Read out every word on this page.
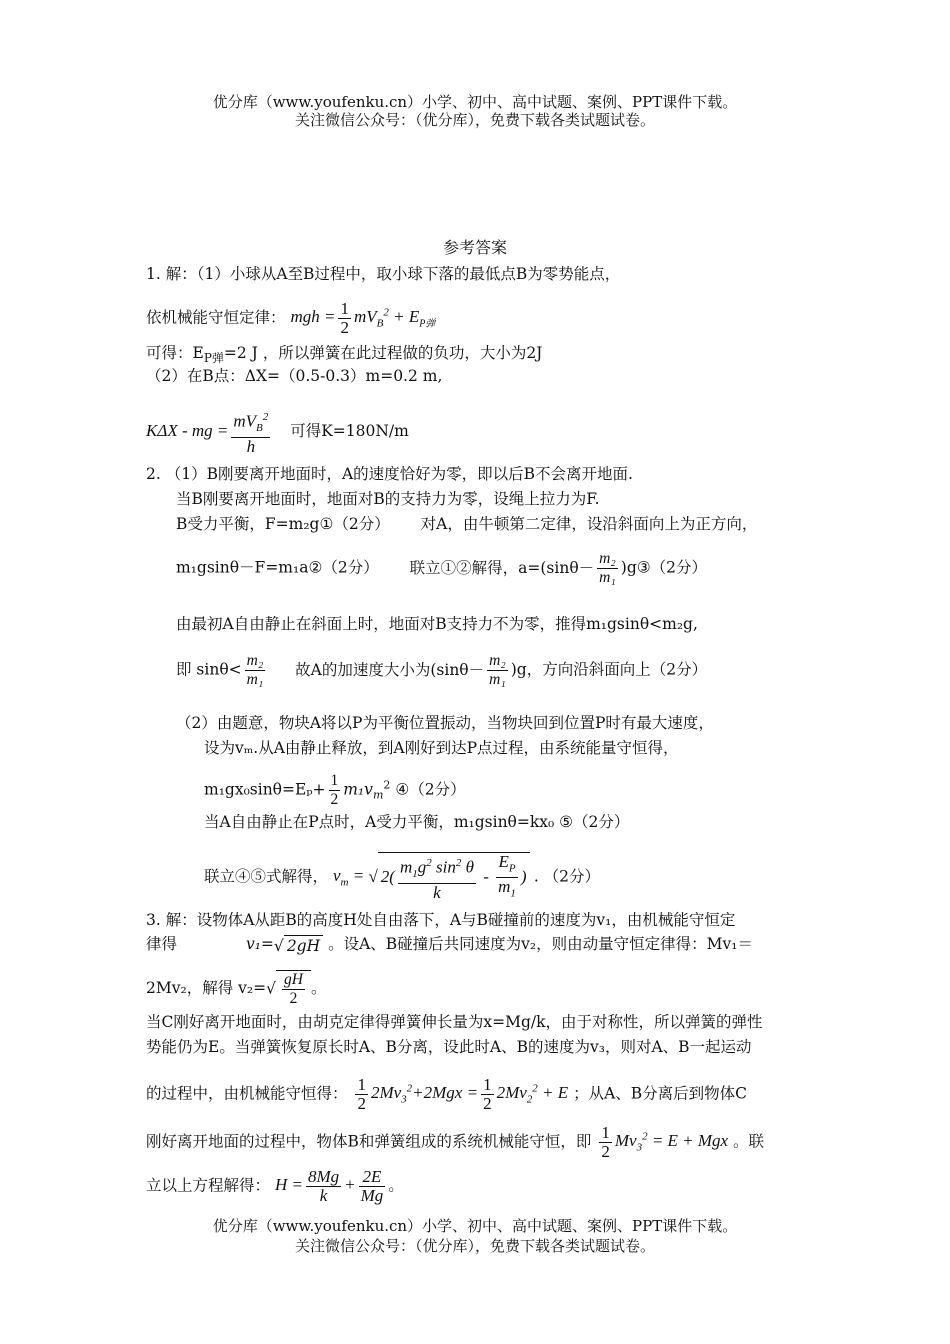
优分库（www.youfenku.cn）小学、初中、高中试题、案例、PPT课件下载。
关注微信公众号：（优分库），免费下载各类试题试卷。
参考答案
1. 解：（1）小球从A至B过程中，取小球下落的最低点B为零势能点，
依机械能守恒定律： mgh = $\frac{1}{2} mV_B^2 + E_{P弹}$
可得：$E_{P弹}=2$ J ，所以弹簧在此过程做的负功，大小为2J
（2）在B点：ΔX=（0.5-0.3）m=0.2 m,
KΔX - mg = $\frac{mV_B^2}{h}$ 可得K=180N/m
2. （1）B刚要离开地面时，A的速度恰好为零，即以后B不会离开地面.
当B刚要离开地面时，地面对B的支持力为零，设绳上拉力为F.
B受力平衡，F=m₂g①（2分） 对A，由牛顿第二定律，设沿斜面向上为正方向，
m₁gsinθ－F=m₁a②（2分） 联立①②解得，$a=(\sin\theta- \frac{\text{m₂}}{\text{m₁}}$ )g③（2分）
由最初A自由静止在斜面上时，地面对B支持力不为零，推得m₁gsinθ<m₂g,
即 $\sin\theta< \frac{\text{m₂}}{\text{m₁}}$ 故A的加速度大小为$(\sin\theta- \frac{\text{m₂}}{\text{m₁}} )g$，方向沿斜面向上（2分）
（2）由题意，物块A将以P为平衡位置振动，当物块回到位置P时有最大速度，
设为vₘ.从A由静止释放，到A刚好到达P点过程，由系统能量守恒得，
$m_1gx_0\sin\theta=E_p+ \frac{1}{2} m_1v_m^2$ ④（2分）
当A自由静止在P点时，A受力平衡，m₁gsinθ=kx₀ ⑤（2分）
联立④⑤式解得， $v_m$ = √ $2( \frac{m_1g^2 \sin^2 \theta}{k} - \frac{E_P}{m_1}$ ) . （2分）
3. 解：设物体A从距B的高度H处自由落下，A与B碰撞前的速度为v₁，由机械能守恒定
律得	v₁=√ 2gH 。设A、B碰撞后共同速度为v₂，则由动量守恒定律得：Mv₁＝
2Mv₂，解得 $v_2=√ \frac{gH}{2}$ 。
当C刚好离开地面时，由胡克定律得弹簧伸长量为x=Mg/k，由于对称性，所以弹簧的弹性
势能仍为E。当弹簧恢复原长时A、B分离，设此时A、B的速度为v₃，则对A、B一起运动
的过程中，由机械能守恒得： $\frac{1}{2} 2Mv_3^2+2Mgx = \frac{1}{2} 2Mv_2^2 + E$ ；从A、B分离后到物体C
刚好离开地面的过程中，物体B和弹簧组成的系统机械能守恒，即 $\frac{1}{2} Mv_3^2 = E$ + Mgx 。联
立以上方程解得： $H = \frac{8Mg}{k} + \frac{2E}{Mg}$ 。
优分库（www.youfenku.cn）小学、初中、高中试题、案例、PPT课件下载。
关注微信公众号：（优分库），免费下载各类试题试卷。
